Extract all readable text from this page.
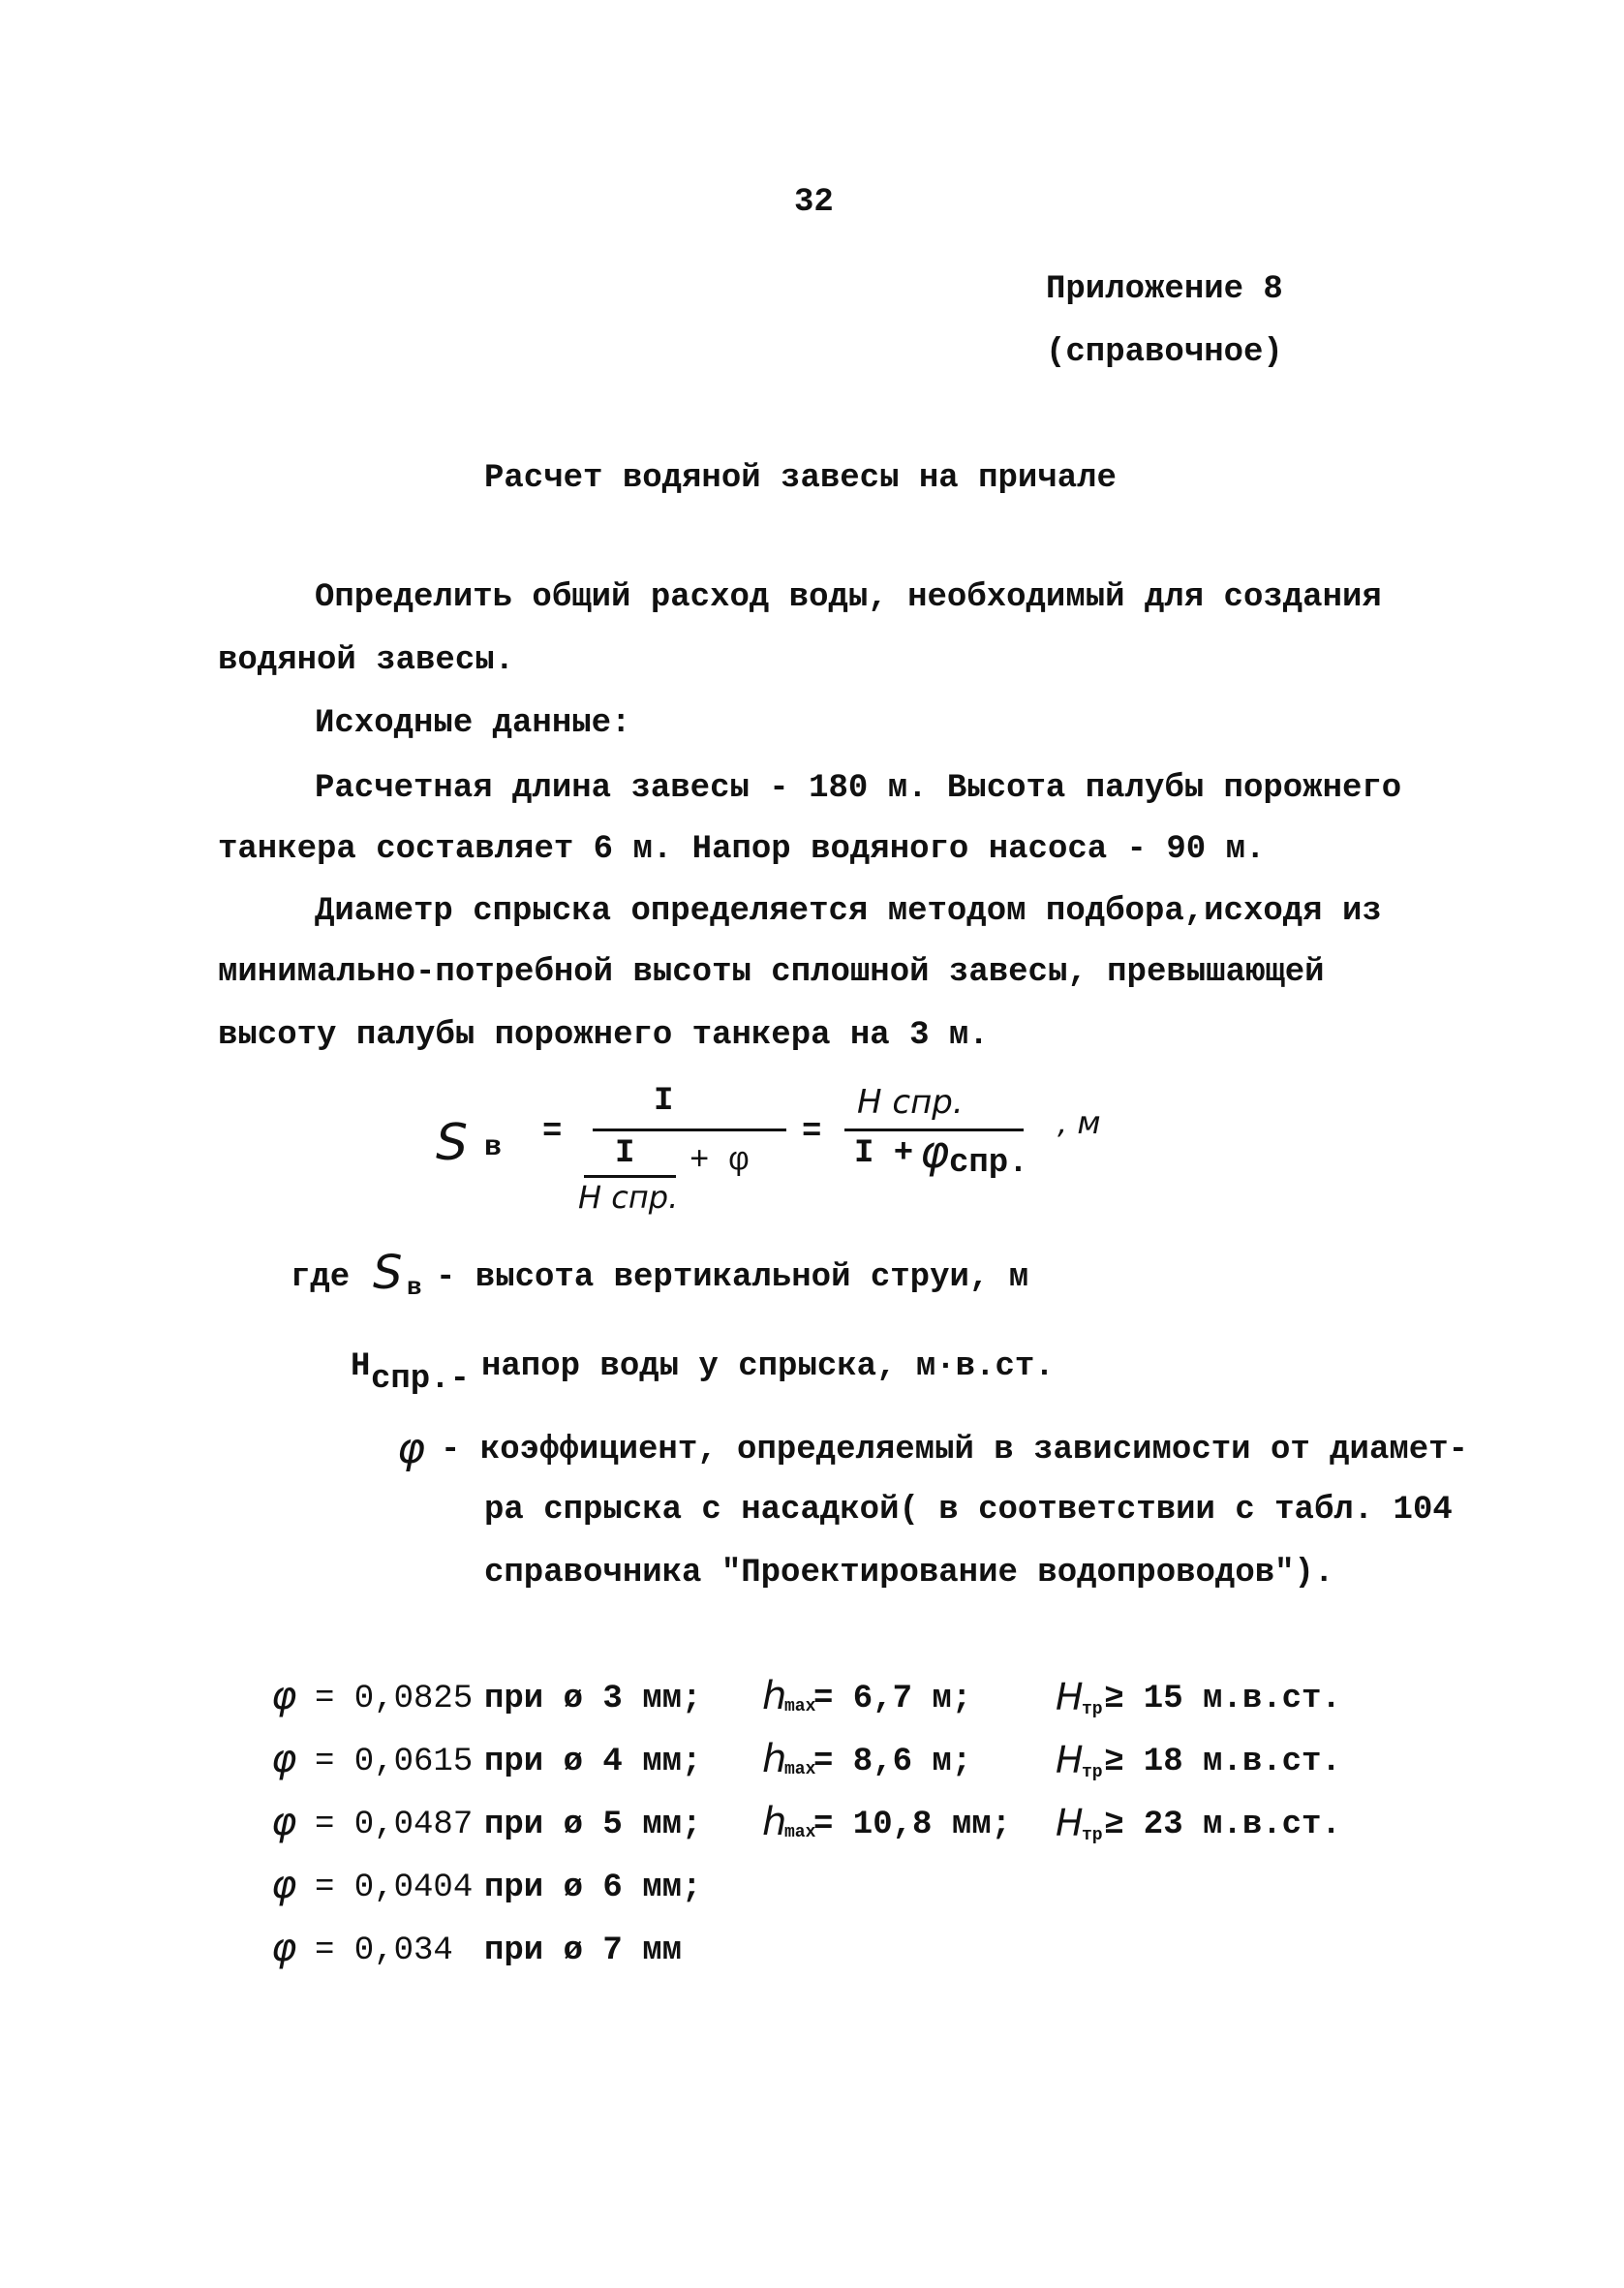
32
Приложение 8
(справочное)
Расчет водяной завесы на причале
Определить общий расход воды, необходимый для создания
водяной завесы.
Исходные данные:
Расчетная длина завесы - 180 м. Высота палубы порожнего
танкера составляет 6 м. Напор водяного насоса - 90 м.
Диаметр спрыска определяется методом подбора,исходя из
минимально-потребной высоты сплошной завесы, превышающей
высоту палубы порожнего танкера на 3 м.
S в =
I
I + φ
H спр.
=
H спр.
I + φ спр.
, м
где S в - высота вертикальной струи, м
H спр.- напор воды у спрыска, м·в.ст.
φ - коэффициент, определяемый в зависимости от диамет-
ра спрыска с насадкой( в соответствии с табл. 104
справочника "Проектирование водопроводов").
φ = 0,0825 при ø 3 мм; h
max
= 6,7 м; H
тр ≥ 15 м.в.ст.
φ = 0,0615 при ø 4 мм; h
max
= 8,6 м; H
тр ≥ 18 м.в.ст.
φ = 0,0487 при ø 5 мм; h
max
= 10,8 мм; H
тр ≥ 23 м.в.ст.
φ = 0,0404 при ø 6 мм;
φ = 0,034 при ø 7 мм
